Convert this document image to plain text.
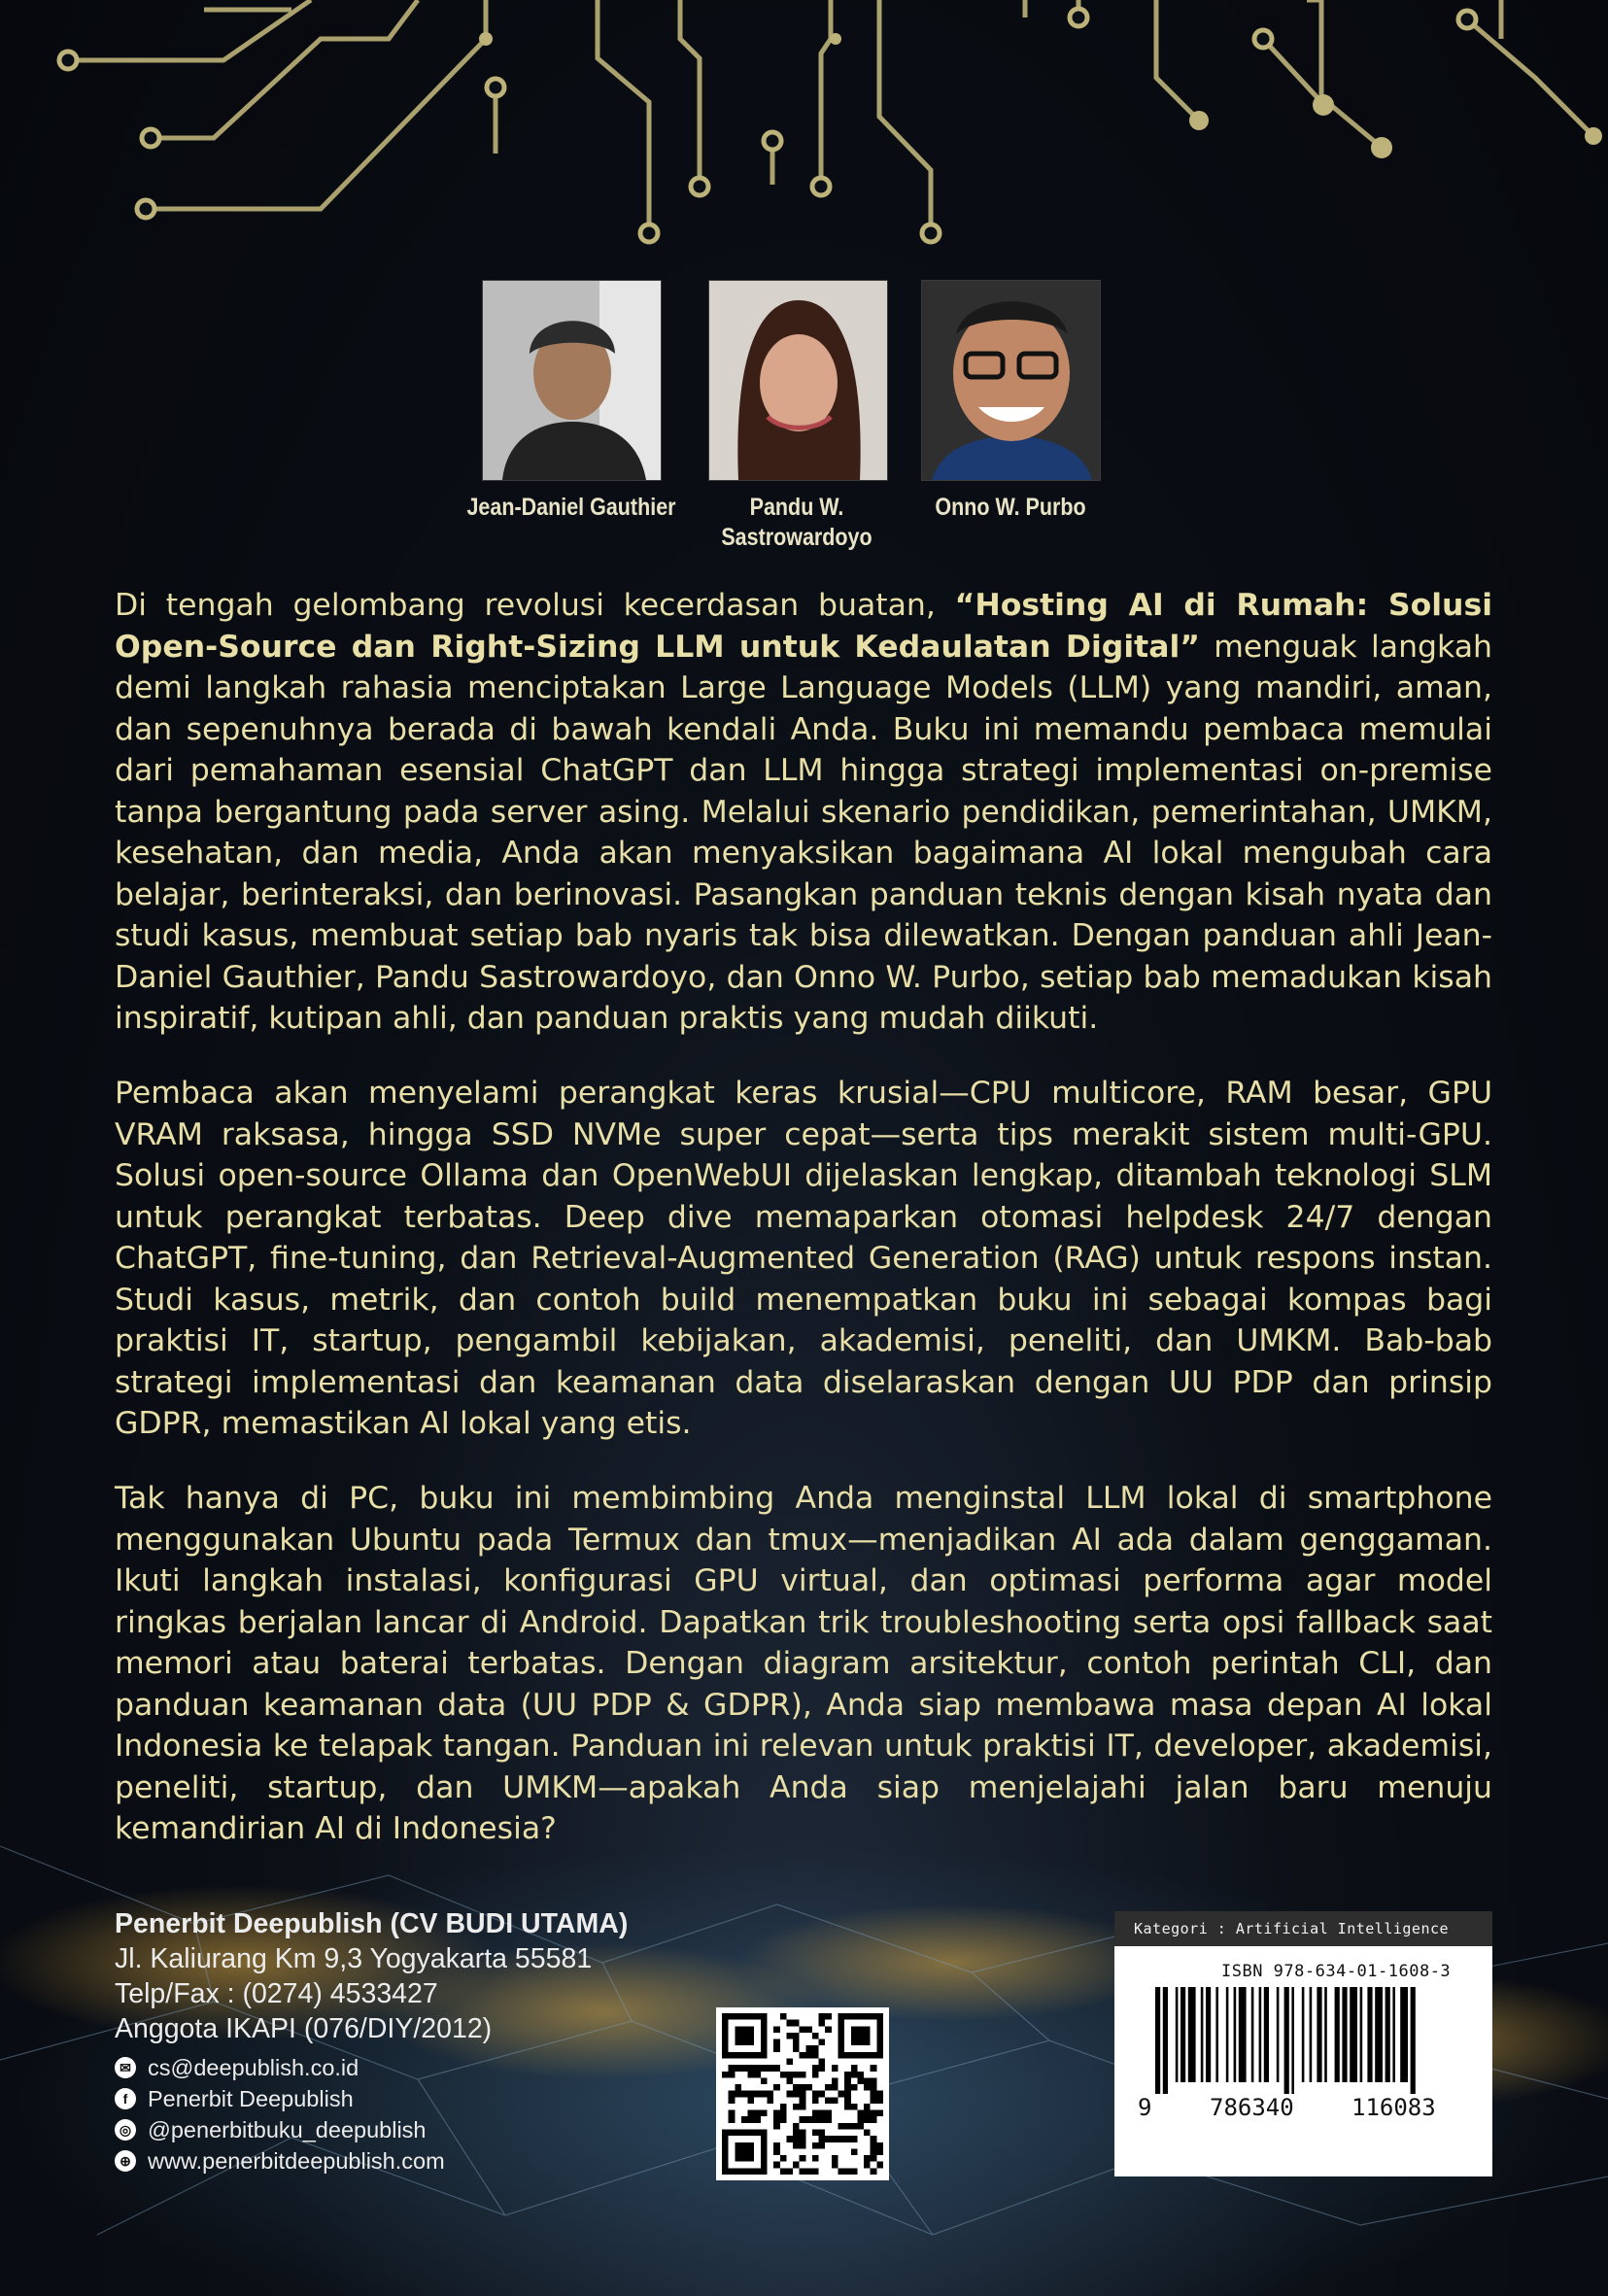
Jean-Daniel Gauthier	Pandu W.
Sastrowardoyo
Onno W. Purbo

Di tengah gelombang revolusi kecerdasan buatan, “Hosting AI di Rumah: Solusi Open-Source dan Right-Sizing LLM untuk Kedaulatan Digital” menguak langkah demi langkah rahasia menciptakan Large Language Models (LLM) yang mandiri, aman, dan sepenuhnya berada di bawah kendali Anda. Buku ini memandu pembaca memulai dari pemahaman esensial ChatGPT dan LLM hingga strategi implementasi on-premise tanpa bergantung pada server asing. Melalui skenario pendidikan, pemerintahan, UMKM, kesehatan, dan media, Anda akan menyaksikan bagaimana AI lokal mengubah cara belajar, berinteraksi, dan berinovasi. Pasangkan panduan teknis dengan kisah nyata dan studi kasus, membuat setiap bab nyaris tak bisa dilewatkan. Dengan panduan ahli Jean-Daniel Gauthier, Pandu Sastrowardoyo, dan Onno W. Purbo, setiap bab memadukan kisah inspiratif, kutipan ahli, dan panduan praktis yang mudah diikuti.

Pembaca akan menyelami perangkat keras krusial—CPU multicore, RAM besar, GPU VRAM raksasa, hingga SSD NVMe super cepat—serta tips merakit sistem multi-GPU. Solusi open-source Ollama dan OpenWebUI dijelaskan lengkap, ditambah teknologi SLM untuk perangkat terbatas. Deep dive memaparkan otomasi helpdesk 24/7 dengan ChatGPT, fine-tuning, dan Retrieval-Augmented Generation (RAG) untuk respons instan. Studi kasus, metrik, dan contoh build menempatkan buku ini sebagai kompas bagi praktisi IT, startup, pengambil kebijakan, akademisi, peneliti, dan UMKM. Bab-bab strategi implementasi dan keamanan data diselaraskan dengan UU PDP dan prinsip GDPR, memastikan AI lokal yang etis.

Tak hanya di PC, buku ini membimbing Anda menginstal LLM lokal di smartphone menggunakan Ubuntu pada Termux dan tmux—menjadikan AI ada dalam genggaman. Ikuti langkah instalasi, konfigurasi GPU virtual, dan optimasi performa agar model ringkas berjalan lancar di Android. Dapatkan trik troubleshooting serta opsi fallback saat memori atau baterai terbatas. Dengan diagram arsitektur, contoh perintah CLI, dan panduan keamanan data (UU PDP & GDPR), Anda siap membawa masa depan AI lokal Indonesia ke telapak tangan. Panduan ini relevan untuk praktisi IT, developer, akademisi, peneliti, startup, dan UMKM—apakah Anda siap menjelajahi jalan baru menuju kemandirian AI di Indonesia?

Penerbit Deepublish (CV BUDI UTAMA)
Jl. Kaliurang Km 9,3 Yogyakarta 55581
Telp/Fax : (0274) 4533427
Anggota IKAPI (076/DIY/2012)
✉ cs@deepublish.co.id
f Penerbit Deepublish
◎ @penerbitbuku_deepublish
⊕ www.penerbitdeepublish.com
Kategori : Artificial Intelligence
ISBN 978-634-01-1608-3
9 786340 116083
